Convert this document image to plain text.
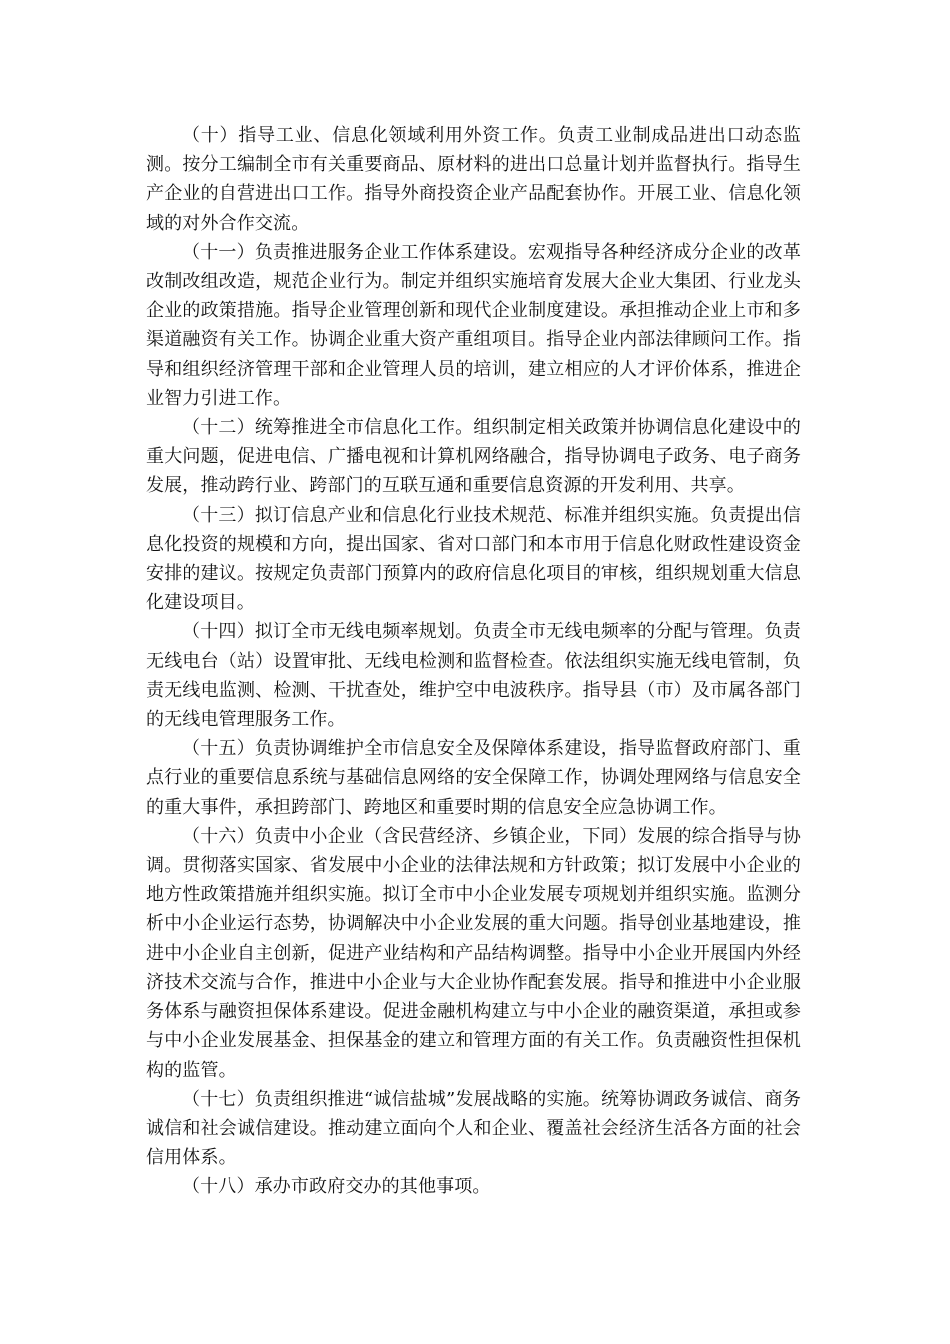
（十）指导工业、信息化领域利用外资工作。负责工业制成品进出口动态监测。按分工编制全市有关重要商品、原材料的进出口总量计划并监督执行。指导生产企业的自营进出口工作。指导外商投资企业产品配套协作。开展工业、信息化领域的对外合作交流。

（十一）负责推进服务企业工作体系建设。宏观指导各种经济成分企业的改革改制改组改造，规范企业行为。制定并组织实施培育发展大企业大集团、行业龙头企业的政策措施。指导企业管理创新和现代企业制度建设。承担推动企业上市和多渠道融资有关工作。协调企业重大资产重组项目。指导企业内部法律顾问工作。指导和组织经济管理干部和企业管理人员的培训，建立相应的人才评价体系，推进企业智力引进工作。

（十二）统筹推进全市信息化工作。组织制定相关政策并协调信息化建设中的重大问题，促进电信、广播电视和计算机网络融合，指导协调电子政务、电子商务发展，推动跨行业、跨部门的互联互通和重要信息资源的开发利用、共享。

（十三）拟订信息产业和信息化行业技术规范、标准并组织实施。负责提出信息化投资的规模和方向，提出国家、省对口部门和本市用于信息化财政性建设资金安排的建议。按规定负责部门预算内的政府信息化项目的审核，组织规划重大信息化建设项目。

（十四）拟订全市无线电频率规划。负责全市无线电频率的分配与管理。负责无线电台（站）设置审批、无线电检测和监督检查。依法组织实施无线电管制，负责无线电监测、检测、干扰查处，维护空中电波秩序。指导县（市）及市属各部门的无线电管理服务工作。

（十五）负责协调维护全市信息安全及保障体系建设，指导监督政府部门、重点行业的重要信息系统与基础信息网络的安全保障工作，协调处理网络与信息安全的重大事件，承担跨部门、跨地区和重要时期的信息安全应急协调工作。

（十六）负责中小企业（含民营经济、乡镇企业，下同）发展的综合指导与协调。贯彻落实国家、省发展中小企业的法律法规和方针政策；拟订发展中小企业的地方性政策措施并组织实施。拟订全市中小企业发展专项规划并组织实施。监测分析中小企业运行态势，协调解决中小企业发展的重大问题。指导创业基地建设，推进中小企业自主创新，促进产业结构和产品结构调整。指导中小企业开展国内外经济技术交流与合作，推进中小企业与大企业协作配套发展。指导和推进中小企业服务体系与融资担保体系建设。促进金融机构建立与中小企业的融资渠道，承担或参与中小企业发展基金、担保基金的建立和管理方面的有关工作。负责融资性担保机构的监管。

（十七）负责组织推进“诚信盐城”发展战略的实施。统筹协调政务诚信、商务诚信和社会诚信建设。推动建立面向个人和企业、覆盖社会经济生活各方面的社会信用体系。

（十八）承办市政府交办的其他事项。
